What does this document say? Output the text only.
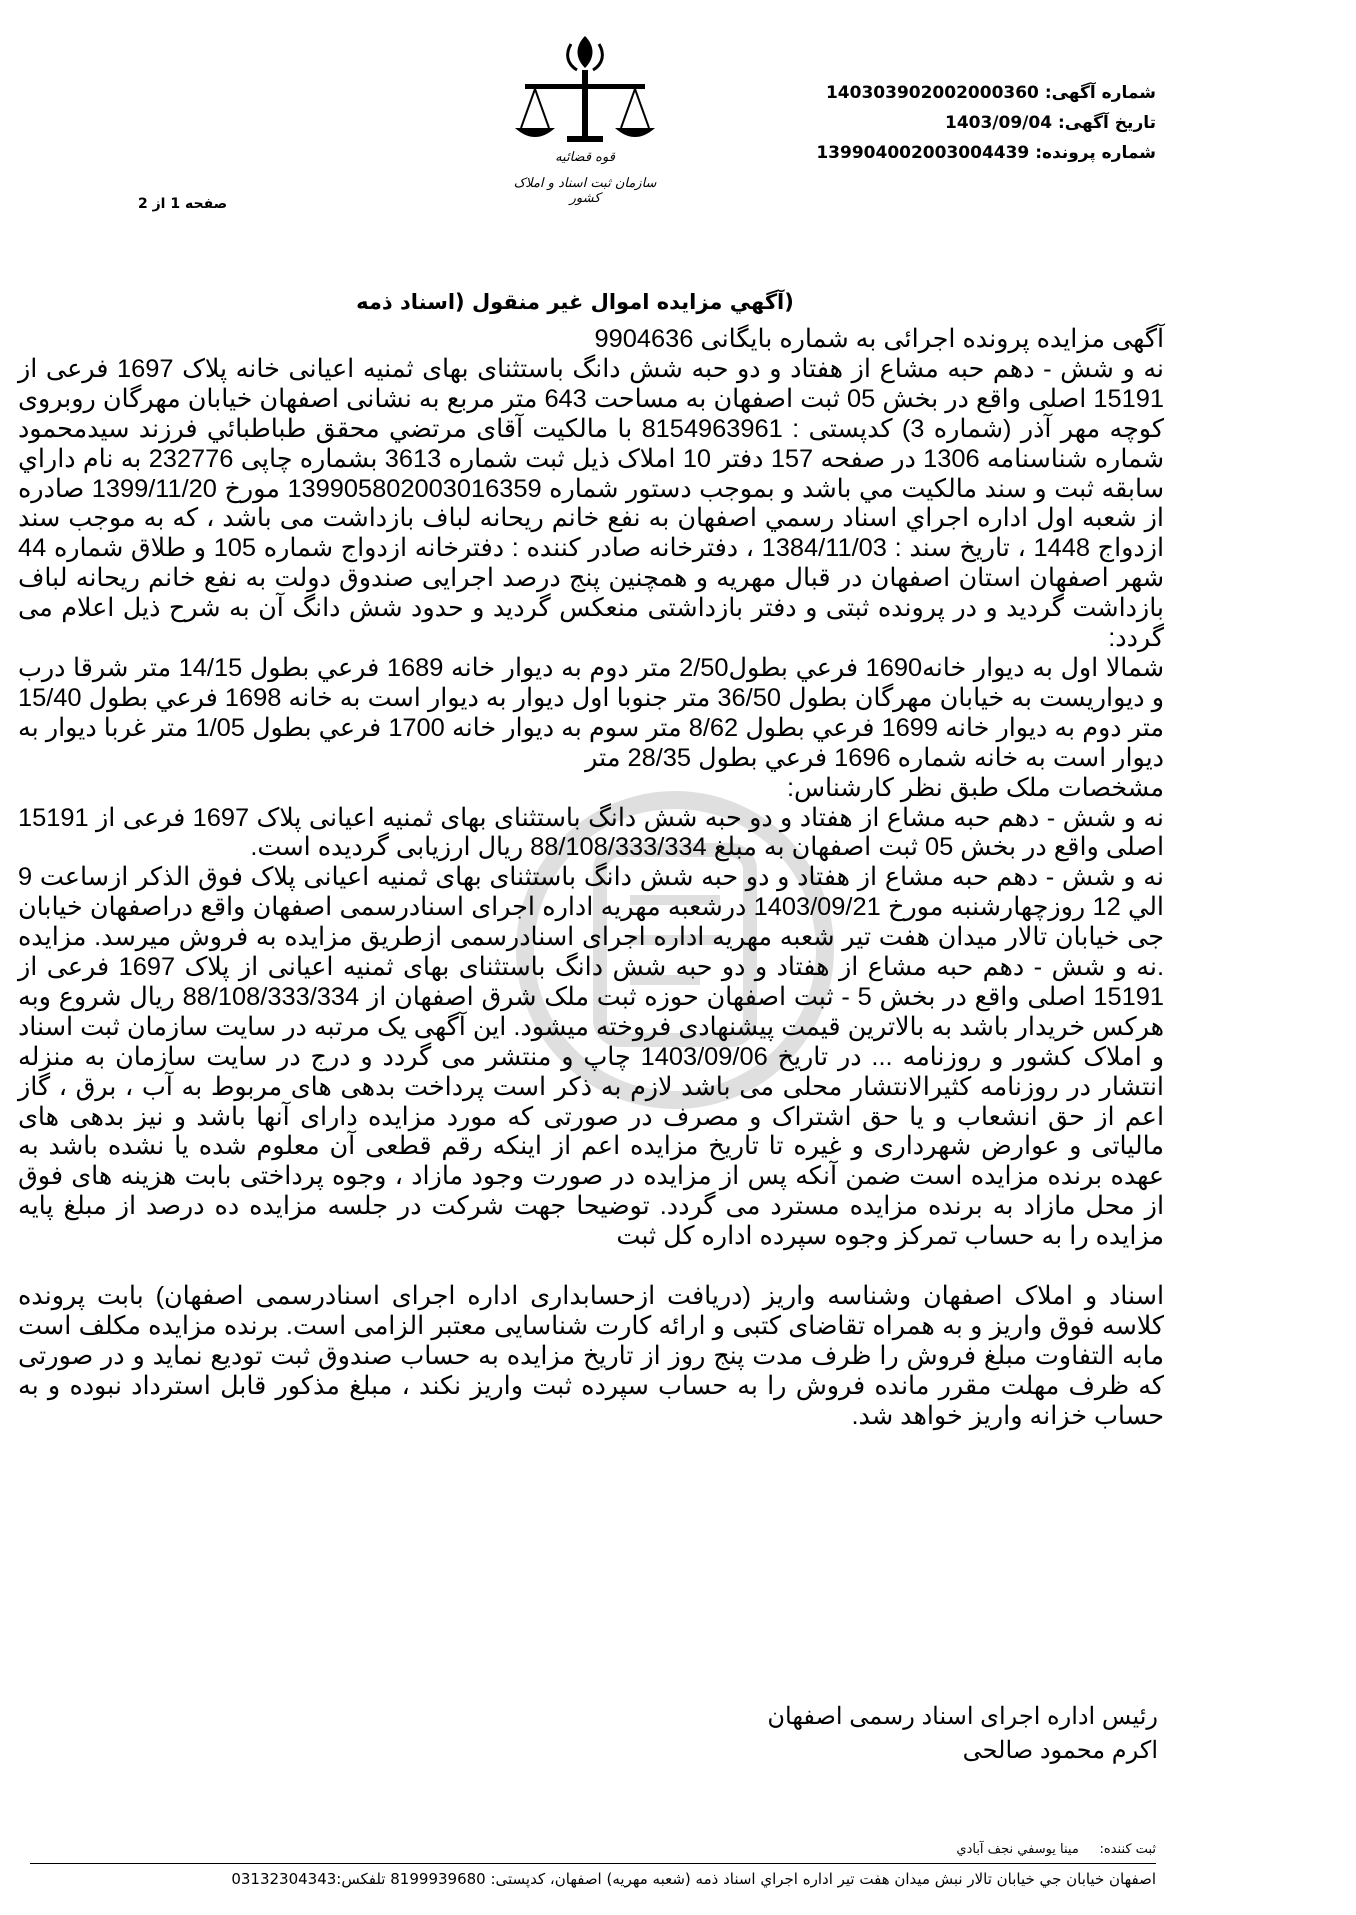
شماره آگهی: 140303902002000360
تاریخ آگهی: 1403/09/04
شماره پرونده: 139904002003004439
صفحه 1 از 2
قوه قضائیه
سازمان ثبت اسناد و املاک کشور
(آگهي مزايده اموال غير منقول (اسناد ذمه

آگهی مزایده پرونده اجرائی به شماره بایگانی 9904636

نه و شش - دهم حبه مشاع از هفتاد و دو حبه شش دانگ باستثنای بهای ثمنیه اعیانی خانه پلاک 1697 فرعی از 15191 اصلی واقع در بخش 05 ثبت اصفهان به مساحت 643 متر مربع به نشانی اصفهان خیابان مهرگان روبروی کوچه مهر آذر (شماره 3) کدپستی : 8154963961 با مالکیت آقای مرتضي محقق طباطبائي فرزند سيدمحمود شماره شناسنامه 1306 در صفحه 157 دفتر 10 املاک ذیل ثبت شماره 3613 بشماره چاپی 232776 به نام داراي سابقه ثبت و سند مالکيت مي باشد و بموجب دستور شماره 139905802003016359 مورخ 1399/11/20 صادره از شعبه اول اداره اجراي اسناد رسمي اصفهان به نفع خانم ریحانه لباف بازداشت می باشد ، که به موجب سند ازدواج 1448 ، تاریخ سند : 1384/11/03 ، دفترخانه صادر کننده : دفترخانه ازدواج شماره 105 و طلاق شماره 44 شهر اصفهان استان اصفهان در قبال مهریه و همچنین پنج درصد اجرایی صندوق دولت به نفع خانم ریحانه لباف بازداشت گردید و در پرونده ثبتی و دفتر بازداشتی منعکس گردید و حدود شش دانگ آن به شرح ذیل اعلام می گردد:

شمالا اول به دیوار خانه1690 فرعي بطول2/50 متر دوم به ديوار خانه 1689 فرعي بطول 14/15 متر شرقا درب و ديواريست به خيابان مهرگان بطول 36/50 متر جنوبا اول ديوار به ديوار است به خانه 1698 فرعي بطول 15/40 متر دوم به ديوار خانه 1699 فرعي بطول 8/62 متر سوم به ديوار خانه 1700 فرعي بطول 1/05 متر غربا ديوار به ديوار است به خانه شماره 1696 فرعي بطول 28/35 متر

مشخصات ملک طبق نظر کارشناس:

نه و شش - دهم حبه مشاع از هفتاد و دو حبه شش دانگ باستثنای بهای ثمنیه اعیانی پلاک 1697 فرعی از 15191 اصلی واقع در بخش 05 ثبت اصفهان به مبلغ 88/108/333/334 ریال ارزیابی گردیده است.

نه و شش - دهم حبه مشاع از هفتاد و دو حبه شش دانگ باستثنای بهای ثمنیه اعیانی پلاک فوق الذکر ازساعت 9 الي 12 روزچهارشنبه مورخ 1403/09/21 درشعبه مهریه اداره اجرای اسنادرسمی اصفهان واقع دراصفهان خیابان جی خیابان تالار میدان هفت تیر شعبه مهریه اداره اجرای اسنادرسمی ازطریق مزایده به فروش میرسد. مزایده .نه و شش - دهم حبه مشاع از هفتاد و دو حبه شش دانگ باستثنای بهای ثمنیه اعیانی از پلاک 1697 فرعی از 15191 اصلی واقع در بخش 5 - ثبت اصفهان حوزه ثبت ملک شرق اصفهان از 88/108/333/334 ريال شروع وبه هرکس خريدار باشد به بالاترين قيمت پيشنهادی فروخته ميشود. این آگهی یک مرتبه در سایت سازمان ثبت اسناد و املاک کشور و روزنامه ... در تاریخ 1403/09/06 چاپ و منتشر می گردد و درج در سایت سازمان به منزله انتشار در روزنامه كثيرالانتشار محلی می باشد لازم به ذکر است پرداخت بدهی های مربوط به آب ، برق ، گاز اعم از حق انشعاب و یا حق اشتراک و مصرف در صورتی که مورد مزایده دارای آنها باشد و نیز بدهی های مالیاتی و عوارض شهرداری و غیره تا تاریخ مزایده اعم از اینکه رقم قطعی آن معلوم شده یا نشده باشد به عهده برنده مزایده است ضمن آنکه پس از مزایده در صورت وجود مازاد ، وجوه پرداختی بابت هزینه های فوق از محل مازاد به برنده مزایده مسترد می گردد. توضیحا جهت شرکت در جلسه مزایده ده درصد از مبلغ پایه مزایده را به حساب تمرکز وجوه سپرده اداره کل ثبت

اسناد و املاک اصفهان وشناسه واریز (دریافت ازحسابداری اداره اجرای اسنادرسمی اصفهان) بابت پرونده کلاسه فوق واریز و به همراه تقاضای کتبی و ارائه کارت شناسایی معتبر الزامی است. برنده مزایده مکلف است مابه التفاوت مبلغ فروش را ظرف مدت پنج روز از تاریخ مزایده به حساب صندوق ثبت تودیع نماید و در صورتی که ظرف مهلت مقرر مانده فروش را به حساب سپرده ثبت واریز نکند ، مبلغ مذکور قابل استرداد نبوده و به حساب خزانه واریز خواهد شد.

رئیس اداره اجرای اسناد رسمی اصفهان
اکرم محمود صالحی
ثبت کننده:     مينا يوسفي نجف آبادي
اصفهان خيابان جي خيابان تالار نبش ميدان هفت تير اداره اجراي اسناد ذمه (شعبه مهريه) اصفهان، کدپستی: 8199939680 تلفکس:03132304343
